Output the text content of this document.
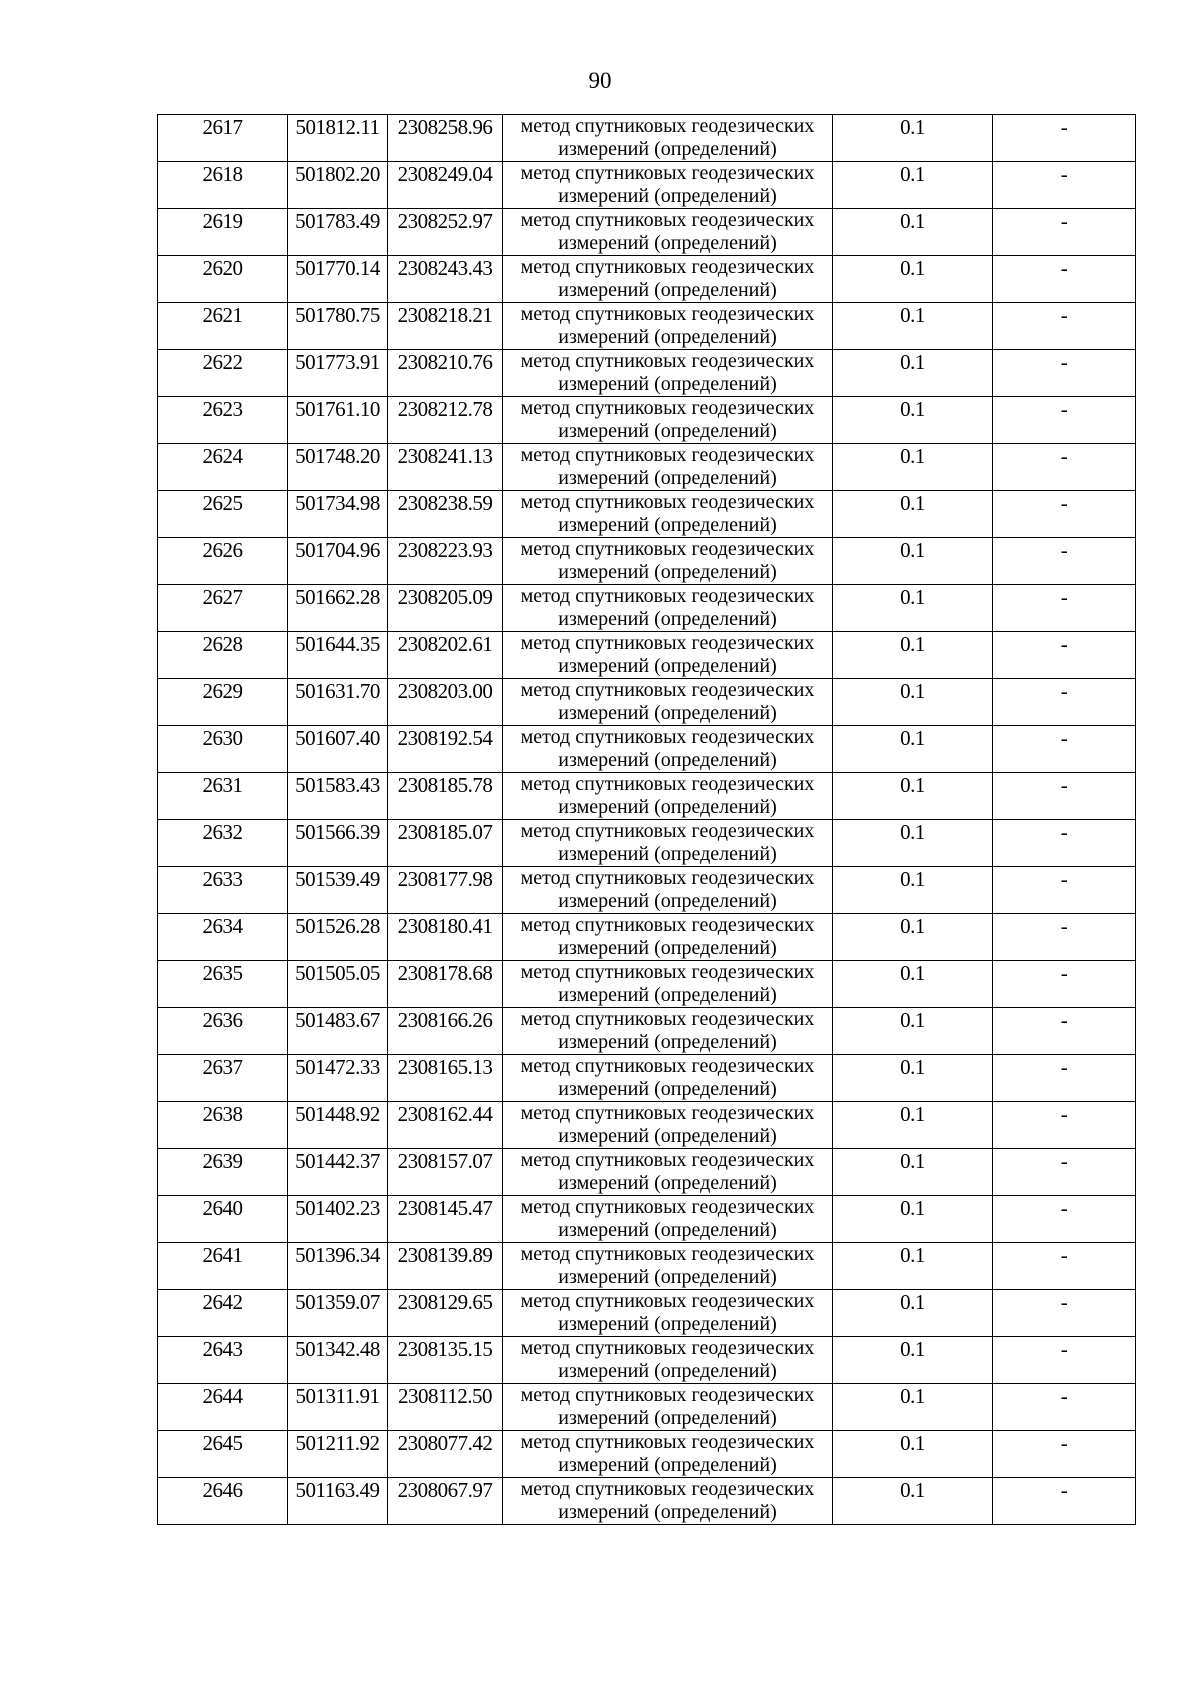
90
2617	501812.11	2308258.96	метод спутниковых геодезических
измерений (определений)	0.1	-
2618	501802.20	2308249.04	метод спутниковых геодезических
измерений (определений)	0.1	-
2619	501783.49	2308252.97	метод спутниковых геодезических
измерений (определений)	0.1	-
2620	501770.14	2308243.43	метод спутниковых геодезических
измерений (определений)	0.1	-
2621	501780.75	2308218.21	метод спутниковых геодезических
измерений (определений)	0.1	-
2622	501773.91	2308210.76	метод спутниковых геодезических
измерений (определений)	0.1	-
2623	501761.10	2308212.78	метод спутниковых геодезических
измерений (определений)	0.1	-
2624	501748.20	2308241.13	метод спутниковых геодезических
измерений (определений)	0.1	-
2625	501734.98	2308238.59	метод спутниковых геодезических
измерений (определений)	0.1	-
2626	501704.96	2308223.93	метод спутниковых геодезических
измерений (определений)	0.1	-
2627	501662.28	2308205.09	метод спутниковых геодезических
измерений (определений)	0.1	-
2628	501644.35	2308202.61	метод спутниковых геодезических
измерений (определений)	0.1	-
2629	501631.70	2308203.00	метод спутниковых геодезических
измерений (определений)	0.1	-
2630	501607.40	2308192.54	метод спутниковых геодезических
измерений (определений)	0.1	-
2631	501583.43	2308185.78	метод спутниковых геодезических
измерений (определений)	0.1	-
2632	501566.39	2308185.07	метод спутниковых геодезических
измерений (определений)	0.1	-
2633	501539.49	2308177.98	метод спутниковых геодезических
измерений (определений)	0.1	-
2634	501526.28	2308180.41	метод спутниковых геодезических
измерений (определений)	0.1	-
2635	501505.05	2308178.68	метод спутниковых геодезических
измерений (определений)	0.1	-
2636	501483.67	2308166.26	метод спутниковых геодезических
измерений (определений)	0.1	-
2637	501472.33	2308165.13	метод спутниковых геодезических
измерений (определений)	0.1	-
2638	501448.92	2308162.44	метод спутниковых геодезических
измерений (определений)	0.1	-
2639	501442.37	2308157.07	метод спутниковых геодезических
измерений (определений)	0.1	-
2640	501402.23	2308145.47	метод спутниковых геодезических
измерений (определений)	0.1	-
2641	501396.34	2308139.89	метод спутниковых геодезических
измерений (определений)	0.1	-
2642	501359.07	2308129.65	метод спутниковых геодезических
измерений (определений)	0.1	-
2643	501342.48	2308135.15	метод спутниковых геодезических
измерений (определений)	0.1	-
2644	501311.91	2308112.50	метод спутниковых геодезических
измерений (определений)	0.1	-
2645	501211.92	2308077.42	метод спутниковых геодезических
измерений (определений)	0.1	-
2646	501163.49	2308067.97	метод спутниковых геодезических
измерений (определений)	0.1	-
